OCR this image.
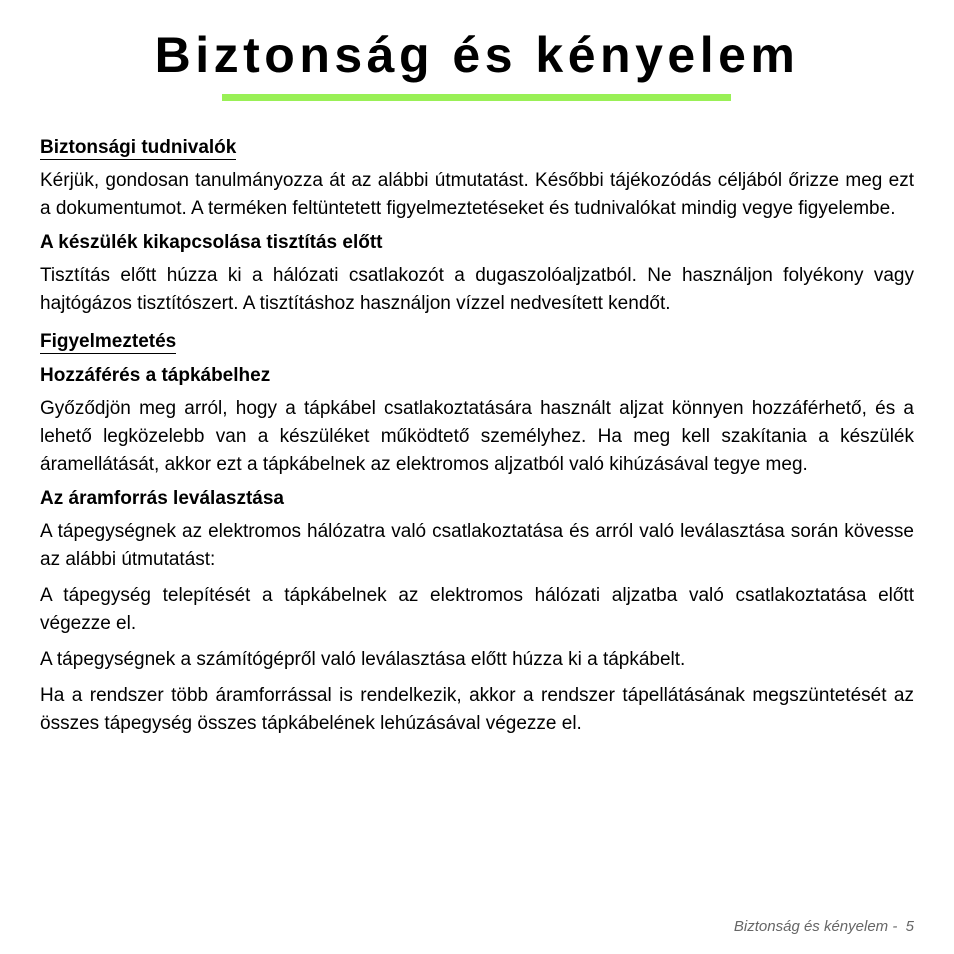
Biztonság és kényelem
Biztonsági tudnivalók

Kérjük, gondosan tanulmányozza át az alábbi útmutatást. Későbbi tájékozódás céljából őrizze meg ezt a dokumentumot. A terméken feltüntetett figyelmeztetéseket és tudnivalókat mindig vegye figyelembe.

A készülék kikapcsolása tisztítás előtt

Tisztítás előtt húzza ki a hálózati csatlakozót a dugaszolóaljzatból. Ne használjon folyékony vagy hajtógázos tisztítószert. A tisztításhoz használjon vízzel nedvesített kendőt.

Figyelmeztetés
Hozzáférés a tápkábelhez

Győződjön meg arról, hogy a tápkábel csatlakoztatására használt aljzat könnyen hozzáférhető, és a lehető legközelebb van a készüléket működtető személyhez. Ha meg kell szakítania a készülék áramellátását, akkor ezt a tápkábelnek az elektromos aljzatból való kihúzásával tegye meg.

Az áramforrás leválasztása

A tápegységnek az elektromos hálózatra való csatlakoztatása és arról való leválasztása során kövesse az alábbi útmutatást:

A tápegység telepítését a tápkábelnek az elektromos hálózati aljzatba való csatlakoztatása előtt végezze el.

A tápegységnek a számítógépről való leválasztása előtt húzza ki a tápkábelt.

Ha a rendszer több áramforrással is rendelkezik, akkor a rendszer tápellátásának megszüntetését az összes tápegység összes tápkábelének lehúzásával végezze el.

Biztonság és kényelem -  5
